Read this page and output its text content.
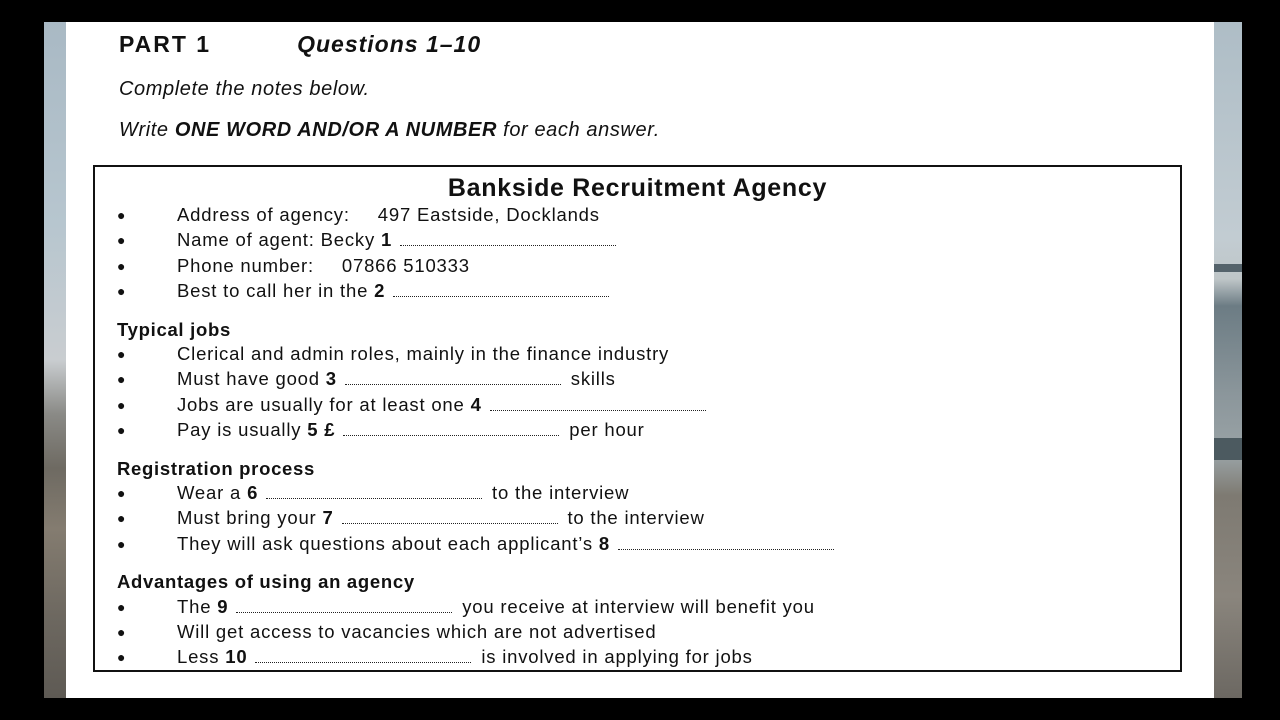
PART 1	Questions 1–10
Complete the notes below.
Write ONE WORD AND/OR A NUMBER for each answer.
Bankside Recruitment Agency
●	Address of agency: 497 Eastside, Docklands
●	Name of agent: Becky 1
●	Phone number: 07866 510333
●	Best to call her in the 2
Typical jobs
●	Clerical and admin roles, mainly in the finance industry
●	Must have good 3	skills
●	Jobs are usually for at least one 4
●	Pay is usually 5 £	per hour
Registration process
●	Wear a 6	to the interview
●	Must bring your 7	to the interview
●	They will ask questions about each applicant’s 8
Advantages of using an agency
●	The 9	you receive at interview will benefit you
●	Will get access to vacancies which are not advertised
●	Less 10	is involved in applying for jobs
